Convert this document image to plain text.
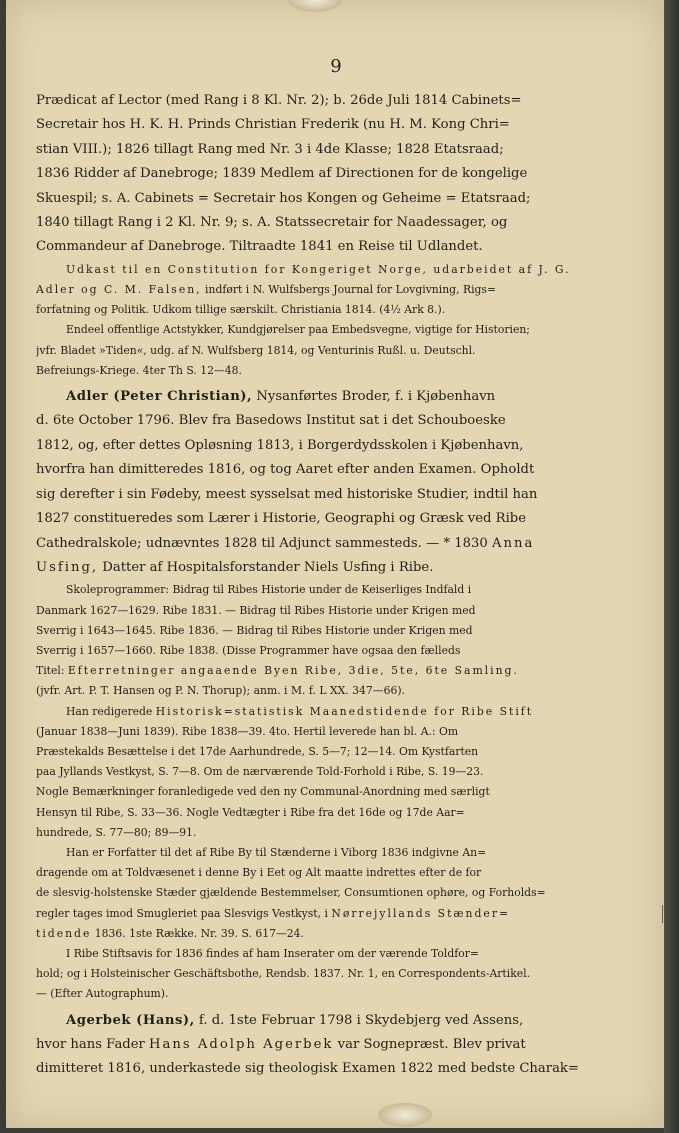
9
Prædicat af Lector (med Rang i 8 Kl. Nr. 2); b. 26de Juli 1814 Cabinets=
Secretair hos H. K. H. Prinds Christian Frederik (nu H. M. Kong Chri=
stian VIII.); 1826 tillagt Rang med Nr. 3 i 4de Klasse; 1828 Etatsraad;
1836 Ridder af Danebroge; 1839 Medlem af Directionen for de kongelige
Skuespil; s. A. Cabinets = Secretair hos Kongen og Geheime = Etatsraad;
1840 tillagt Rang i 2 Kl. Nr. 9; s. A. Statssecretair for Naadessager, og
Commandeur af Danebroge. Tiltraadte 1841 en Reise til Udlandet.
Udkast til en Constitution for Kongeriget Norge, udarbeidet af J. G.
Adler og C. M. Falsen, indført i N. Wulfsbergs Journal for Lovgivning, Rigs=
forfatning og Politik. Udkom tillige særskilt. Christiania 1814. (4½ Ark 8.).
Endeel offentlige Actstykker, Kundgjørelser paa Embedsvegne, vigtige for Historien;
jvfr. Bladet »Tiden«, udg. af N. Wulfsberg 1814, og Venturinis Rußl. u. Deutschl.
Befreiungs-Kriege. 4ter Th S. 12—48.
Adler (Peter Christian), Nysanførtes Broder, f. i Kjøbenhavn
d. 6te October 1796. Blev fra Basedows Institut sat i det Schouboeske
1812, og, efter dettes Opløsning 1813, i Borgerdydsskolen i Kjøbenhavn,
hvorfra han dimitteredes 1816, og tog Aaret efter anden Examen. Opholdt
sig derefter i sin Fødeby, meest sysselsat med historiske Studier, indtil han
1827 constitueredes som Lærer i Historie, Geographi og Græsk ved Ribe
Cathedralskole; udnævntes 1828 til Adjunct sammesteds. — * 1830 Anna
Usfing, Datter af Hospitalsforstander Niels Usfing i Ribe.
Skoleprogrammer: Bidrag til Ribes Historie under de Keiserliges Indfald i
Danmark 1627—1629. Ribe 1831. — Bidrag til Ribes Historie under Krigen med
Sverrig i 1643—1645. Ribe 1836. — Bidrag til Ribes Historie under Krigen med
Sverrig i 1657—1660. Ribe 1838. (Disse Programmer have ogsaa den fælleds
Titel: Efterretninger angaaende Byen Ribe, 3die, 5te, 6te Samling.
(jvfr. Art. P. T. Hansen og P. N. Thorup); anm. i M. f. L XX. 347—66).
Han redigerede Historisk=statistisk Maanedstidende for Ribe Stift
(Januar 1838—Juni 1839). Ribe 1838—39. 4to. Hertil leverede han bl. A.: Om
Præstekalds Besættelse i det 17de Aarhundrede, S. 5—7; 12—14. Om Kystfarten
paa Jyllands Vestkyst, S. 7—8. Om de nærværende Told-Forhold i Ribe, S. 19—23.
Nogle Bemærkninger foranledigede ved den ny Communal-Anordning med særligt
Hensyn til Ribe, S. 33—36. Nogle Vedtægter i Ribe fra det 16de og 17de Aar=
hundrede, S. 77—80; 89—91.
Han er Forfatter til det af Ribe By til Stænderne i Viborg 1836 indgivne An=
dragende om at Toldvæsenet i denne By i Eet og Alt maatte indrettes efter de for
de slesvig-holstenske Stæder gjældende Bestemmelser, Consumtionen ophøre, og Forholds=
regler tages imod Smugleriet paa Slesvigs Vestkyst, i Nørrejyllands Stænder=
tidende 1836. 1ste Række. Nr. 39. S. 617—24.
I Ribe Stiftsavis for 1836 findes af ham Inserater om der værende Toldfor=
hold; og i Holsteinischer Geschäftsbothe, Rendsb. 1837. Nr. 1, en Correspondents-Artikel.
— (Efter Autographum).
Agerbek (Hans), f. d. 1ste Februar 1798 i Skydebjerg ved Assens,
hvor hans Fader Hans Adolph Agerbek var Sognepræst. Blev privat
dimitteret 1816, underkastede sig theologisk Examen 1822 med bedste Charak=
